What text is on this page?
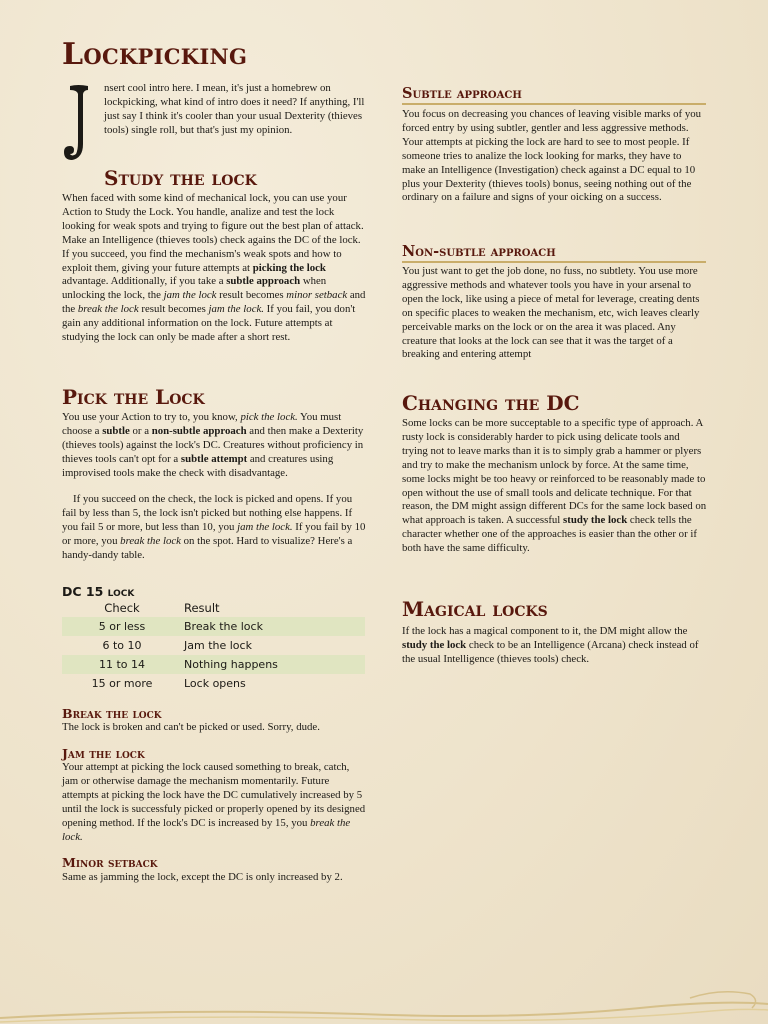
Lockpicking

nsert cool intro here. I mean, it's just a homebrew on lockpicking, what kind of intro does it need? If anything, I'll just say I think it's cooler than your usual Dexterity (thieves tools) single roll, but that's just my opinion.

Study the lock

When faced with some kind of mechanical lock, you can use your Action to Study the Lock. You handle, analize and test the lock looking for weak spots and trying to figure out the best plan of attack. Make an Intelligence (thieves tools) check agains the DC of the lock. If you succeed, you find the mechanism's weak spots and how to exploit them, giving your future attempts at picking the lock advantage. Additionally, if you take a subtle approach when unlocking the lock, the jam the lock result becomes minor setback and the break the lock result becomes jam the lock. If you fail, you don't gain any additional information on the lock. Future attempts at studying the lock can only be made after a short rest.

Pick the Lock

You use your Action to try to, you know, pick the lock. You must choose a subtle or a non-subtle approach and then make a Dexterity (thieves tools) against the lock's DC. Creatures without proficiency in thieves tools can't opt for a subtle attempt and creatures using improvised tools make the check with disadvantage.

If you succeed on the check, the lock is picked and opens. If you fail by less than 5, the lock isn't picked but nothing else happens. If you fail 5 or more, but less than 10, you jam the lock. If you fail by 10 or more, you break the lock on the spot. Hard to visualize? Here's a handy-dandy table.

DC 15 lock
Check	Result
5 or less	Break the lock
6 to 10	Jam the lock
11 to 14	Nothing happens
15 or more	Lock opens
Break the lock

The lock is broken and can't be picked or used. Sorry, dude.

Jam the lock

Your attempt at picking the lock caused something to break, catch, jam or otherwise damage the mechanism momentarily. Future attempts at picking the lock have the DC cumulatively increased by 5 until the lock is successfuly picked or properly opened by its designed opening method. If the lock's DC is increased by 15, you break the lock.

Minor setback

Same as jamming the lock, except the DC is only increased by 2.

Subtle approach

You focus on decreasing you chances of leaving visible marks of you forced entry by using subtler, gentler and less aggressive methods. Your attempts at picking the lock are hard to see to most people. If someone tries to analize the lock looking for marks, they have to make an Intelligence (Investigation) check against a DC equal to 10 plus your Dexterity (thieves tools) bonus, seeing nothing out of the ordinary on a failure and signs of your oicking on a success.

Non-subtle approach

You just want to get the job done, no fuss, no subtlety. You use more aggressive methods and whatever tools you have in your arsenal to open the lock, like using a piece of metal for leverage, creating dents on specific places to weaken the mechanism, etc, wich leaves clearly perceivable marks on the lock or on the area it was placed. Any creature that looks at the lock can see that it was the target of a breaking and entering attempt

Changing the DC

Some locks can be more succeptable to a specific type of approach. A rusty lock is considerably harder to pick using delicate tools and trying not to leave marks than it is to simply grab a hammer or plyers and try to make the mechanism unlock by force. At the same time, some locks might be too heavy or reinforced to be reasonably made to open without the use of small tools and delicate technique. For that reason, the DM might assign different DCs for the same lock based on what approach is taken. A successful study the lock check tells the character whether one of the approaches is easier than the other or if both have the same difficulty.

Magical locks

If the lock has a magical component to it, the DM might allow the study the lock check to be an Intelligence (Arcana) check instead of the usual Intelligence (thieves tools) check.
